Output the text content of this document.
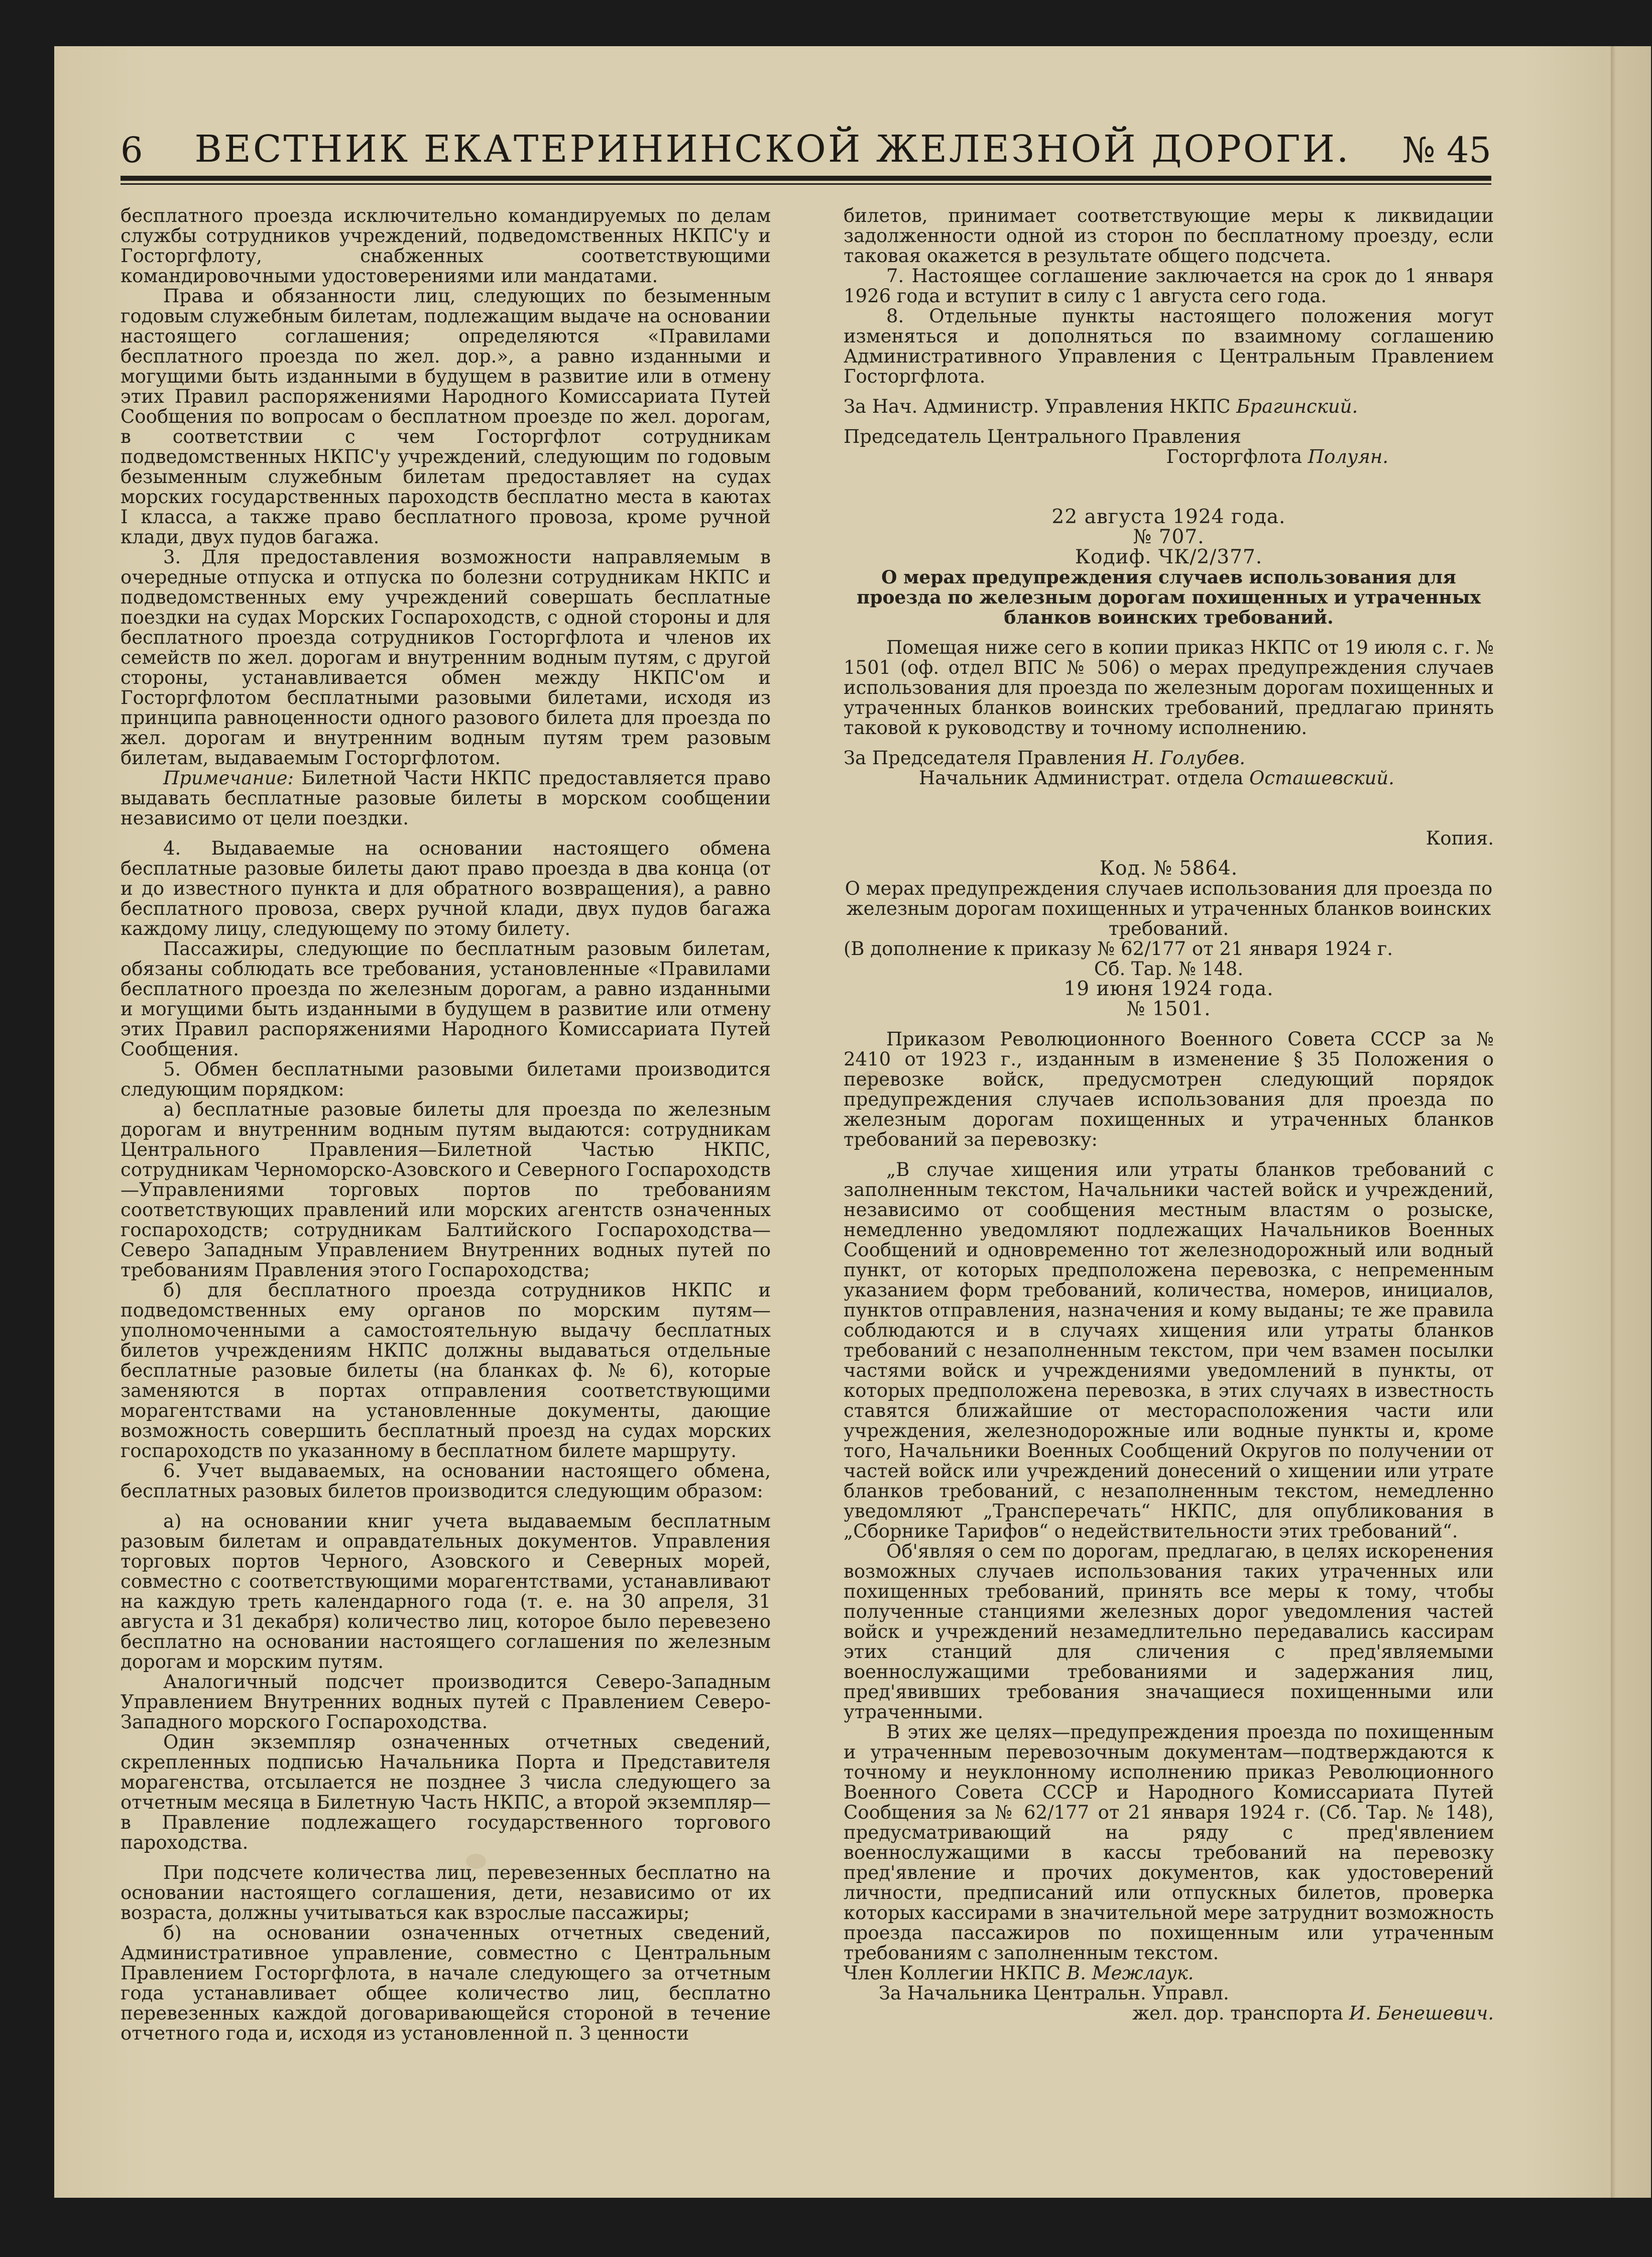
6 ВЕСТНИК ЕКАТЕРИНИНСКОЙ ЖЕЛЕЗНОЙ ДОРОГИ. № 45

бесплатного проезда исключительно командируемых по делам службы сотрудников учреждений, подведомственных НКПС'у и Госторгфлоту, снабженных соответствующими командировочными удостоверениями или мандатами.

Права и обязанности лиц, следующих по безыменным годовым служебным билетам, подлежащим выдаче на основании настоящего соглашения; определяются «Правилами бесплатного проезда по жел. дор.», а равно изданными и могущими быть изданными в будущем в развитие или в отмену этих Правил распоряжениями Народного Комиссариата Путей Сообщения по вопросам о бесплатном проезде по жел. дорогам, в соответствии с чем Госторгфлот сотрудникам подведомственных НКПС'у учреждений, следующим по годовым безыменным служебным билетам предоставляет на судах морских государственных пароходств бесплатно места в каютах I класса, а также право бесплатного провоза, кроме ручной клади, двух пудов багажа.

3. Для предоставления возможности направляемым в очередные отпуска и отпуска по болезни сотрудникам НКПС и подведомственных ему учреждений совершать бесплатные поездки на судах Морских Госпароходств, с одной стороны и для бесплатного проезда сотрудников Госторгфлота и членов их семейств по жел. дорогам и внутренним водным путям, с другой стороны, устанавливается обмен между НКПС'ом и Госторгфлотом бесплатными разовыми билетами, исходя из принципа равноценности одного разового билета для проезда по жел. дорогам и внутренним водным путям трем разовым билетам, выдаваемым Госторгфлотом.

Примечание: Билетной Части НКПС предоставляется право выдавать бесплатные разовые билеты в морском сообщении независимо от цели поездки.

4. Выдаваемые на основании настоящего обмена бесплатные разовые билеты дают право проезда в два конца (от и до известного пункта и для обратного возвращения), а равно бесплатного провоза, сверх ручной клади, двух пудов багажа каждому лицу, следующему по этому билету.

Пассажиры, следующие по бесплатным разовым билетам, обязаны соблюдать все требования, установленные «Правилами бесплатного проезда по железным дорогам, а равно изданными и могущими быть изданными в будущем в развитие или отмену этих Правил распоряжениями Народного Комиссариата Путей Сообщения.

5. Обмен бесплатными разовыми билетами производится следующим порядком:

а) бесплатные разовые билеты для проезда по железным дорогам и внутренним водным путям выдаются: сотрудникам Центрального Правления—Билетной Частью НКПС, сотрудникам Черноморско-Азовского и Северного Госпароходств—Управлениями торговых портов по требованиям соответствующих правлений или морских агентств означенных госпароходств; сотрудникам Балтийского Госпароходства—Северо Западным Управлением Внутренних водных путей по требованиям Правления этого Госпароходства;

б) для бесплатного проезда сотрудников НКПС и подведомственных ему органов по морским путям—уполномоченными а самостоятельную выдачу бесплатных билетов учреждениям НКПС должны выдаваться отдельные бесплатные разовые билеты (на бланках ф. № 6), которые заменяются в портах отправления соответствующими морагентствами на установленные документы, дающие возможность совершить бесплатный проезд на судах морских госпароходств по указанному в бесплатном билете маршруту.

6. Учет выдаваемых, на основании настоящего обмена, бесплатных разовых билетов производится следующим образом:

а) на основании книг учета выдаваемым бесплатным разовым билетам и оправдательных документов. Управления торговых портов Черного, Азовского и Северных морей, совместно с соответствующими морагентствами, устанавливают на каждую треть календарного года (т. е. на 30 апреля, 31 августа и 31 декабря) количество лиц, которое было перевезено бесплатно на основании настоящего соглашения по железным дорогам и морским путям.

Аналогичный подсчет производится Северо-Западным Управлением Внутренних водных путей с Правлением Северо-Западного морского Госпароходства.

Один экземпляр означенных отчетных сведений, скрепленных подписью Начальника Порта и Представителя морагенства, отсылается не позднее 3 числа следующего за отчетным месяца в Билетную Часть НКПС, а второй экземпляр—в Правление подлежащего государственного торгового пароходства.

При подсчете количества лиц, перевезенных бесплатно на основании настоящего соглашения, дети, независимо от их возраста, должны учитываться как взрослые пассажиры;

б) на основании означенных отчетных сведений, Административное управление, совместно с Центральным Правлением Госторгфлота, в начале следующего за отчетным года устанавливает общее количество лиц, бесплатно перевезенных каждой договаривающейся стороной в течение отчетного года и, исходя из установленной п. 3 ценности

билетов, принимает соответствующие меры к ликвидации задолженности одной из сторон по бесплатному проезду, если таковая окажется в результате общего подсчета.

7. Настоящее соглашение заключается на срок до 1 января 1926 года и вступит в силу с 1 августа сего года.

8. Отдельные пункты настоящего положения могут изменяться и дополняться по взаимному соглашению Административного Управления с Центральным Правлением Госторгфлота.

За Нач. Администр. Управления НКПС Брагинский.

Председатель Центрального Правления

Госторгфлота Полуян.

22 августа 1924 года.

№ 707.

Кодиф. ЧК/2/377.

О мерах предупреждения случаев использования для проезда по железным дорогам похищенных и утраченных бланков воинских требований.

Помещая ниже сего в копии приказ НКПС от 19 июля с. г. № 1501 (оф. отдел ВПС № 506) о мерах предупреждения случаев использования для проезда по железным дорогам похищенных и утраченных бланков воинских требований, предлагаю принять таковой к руководству и точному исполнению.

За Председателя Правления Н. Голубев.

Начальник Администрат. отдела Осташевский.

Копия.

Код. № 5864.

О мерах предупреждения случаев использования для проезда по железным дорогам похищенных и утраченных бланков воинских требований.

(В дополнение к приказу № 62/177 от 21 января 1924 г.

Сб. Тар. № 148.

19 июня 1924 года.

№ 1501.

Приказом Революционного Военного Совета СССР за № 2410 от 1923 г., изданным в изменение § 35 Положения о перевозке войск, предусмотрен следующий порядок предупреждения случаев использования для проезда по железным дорогам похищенных и утраченных бланков требований за перевозку:

„В случае хищения или утраты бланков требований с заполненным текстом, Начальники частей войск и учреждений, независимо от сообщения местным властям о розыске, немедленно уведомляют подлежащих Начальников Военных Сообщений и одновременно тот железнодорожный или водный пункт, от которых предположена перевозка, с непременным указанием форм требований, количества, номеров, инициалов, пунктов отправления, назначения и кому выданы; те же правила соблюдаются и в случаях хищения или утраты бланков требований с незаполненным текстом, при чем взамен посылки частями войск и учреждениями уведомлений в пункты, от которых предположена перевозка, в этих случаях в известность ставятся ближайшие от месторасположения части или учреждения, железнодорожные или водные пункты и, кроме того, Начальники Военных Сообщений Округов по получении от частей войск или учреждений донесений о хищении или утрате бланков требований, с незаполненным текстом, немедленно уведомляют „Трансперечать“ НКПС, для опубликования в „Сборнике Тарифов“ о недействительности этих требований“.

Об'являя о сем по дорогам, предлагаю, в целях искоренения возможных случаев использования таких утраченных или похищенных требований, принять все меры к тому, чтобы полученные станциями железных дорог уведомления частей войск и учреждений незамедлительно передавались кассирам этих станций для сличения с пред'являемыми военнослужащими требованиями и задержания лиц, пред'явивших требования значащиеся похищенными или утраченными.

В этих же целях—предупреждения проезда по похищенным и утраченным перевозочным документам—подтверждаются к точному и неуклонному исполнению приказ Революционного Военного Совета СССР и Народного Комиссариата Путей Сообщения за № 62/177 от 21 января 1924 г. (Сб. Тар. № 148), предусматривающий на ряду с пред'явлением военнослужащими в кассы требований на перевозку пред'явление и прочих документов, как удостоверений личности, предписаний или отпускных билетов, проверка которых кассирами в значительной мере затруднит возможность проезда пассажиров по похищенным или утраченным требованиям с заполненным текстом.

Член Коллегии НКПС В. Межлаук.

За Начальника Центральн. Управл.

жел. дор. транспорта И. Бенешевич.
